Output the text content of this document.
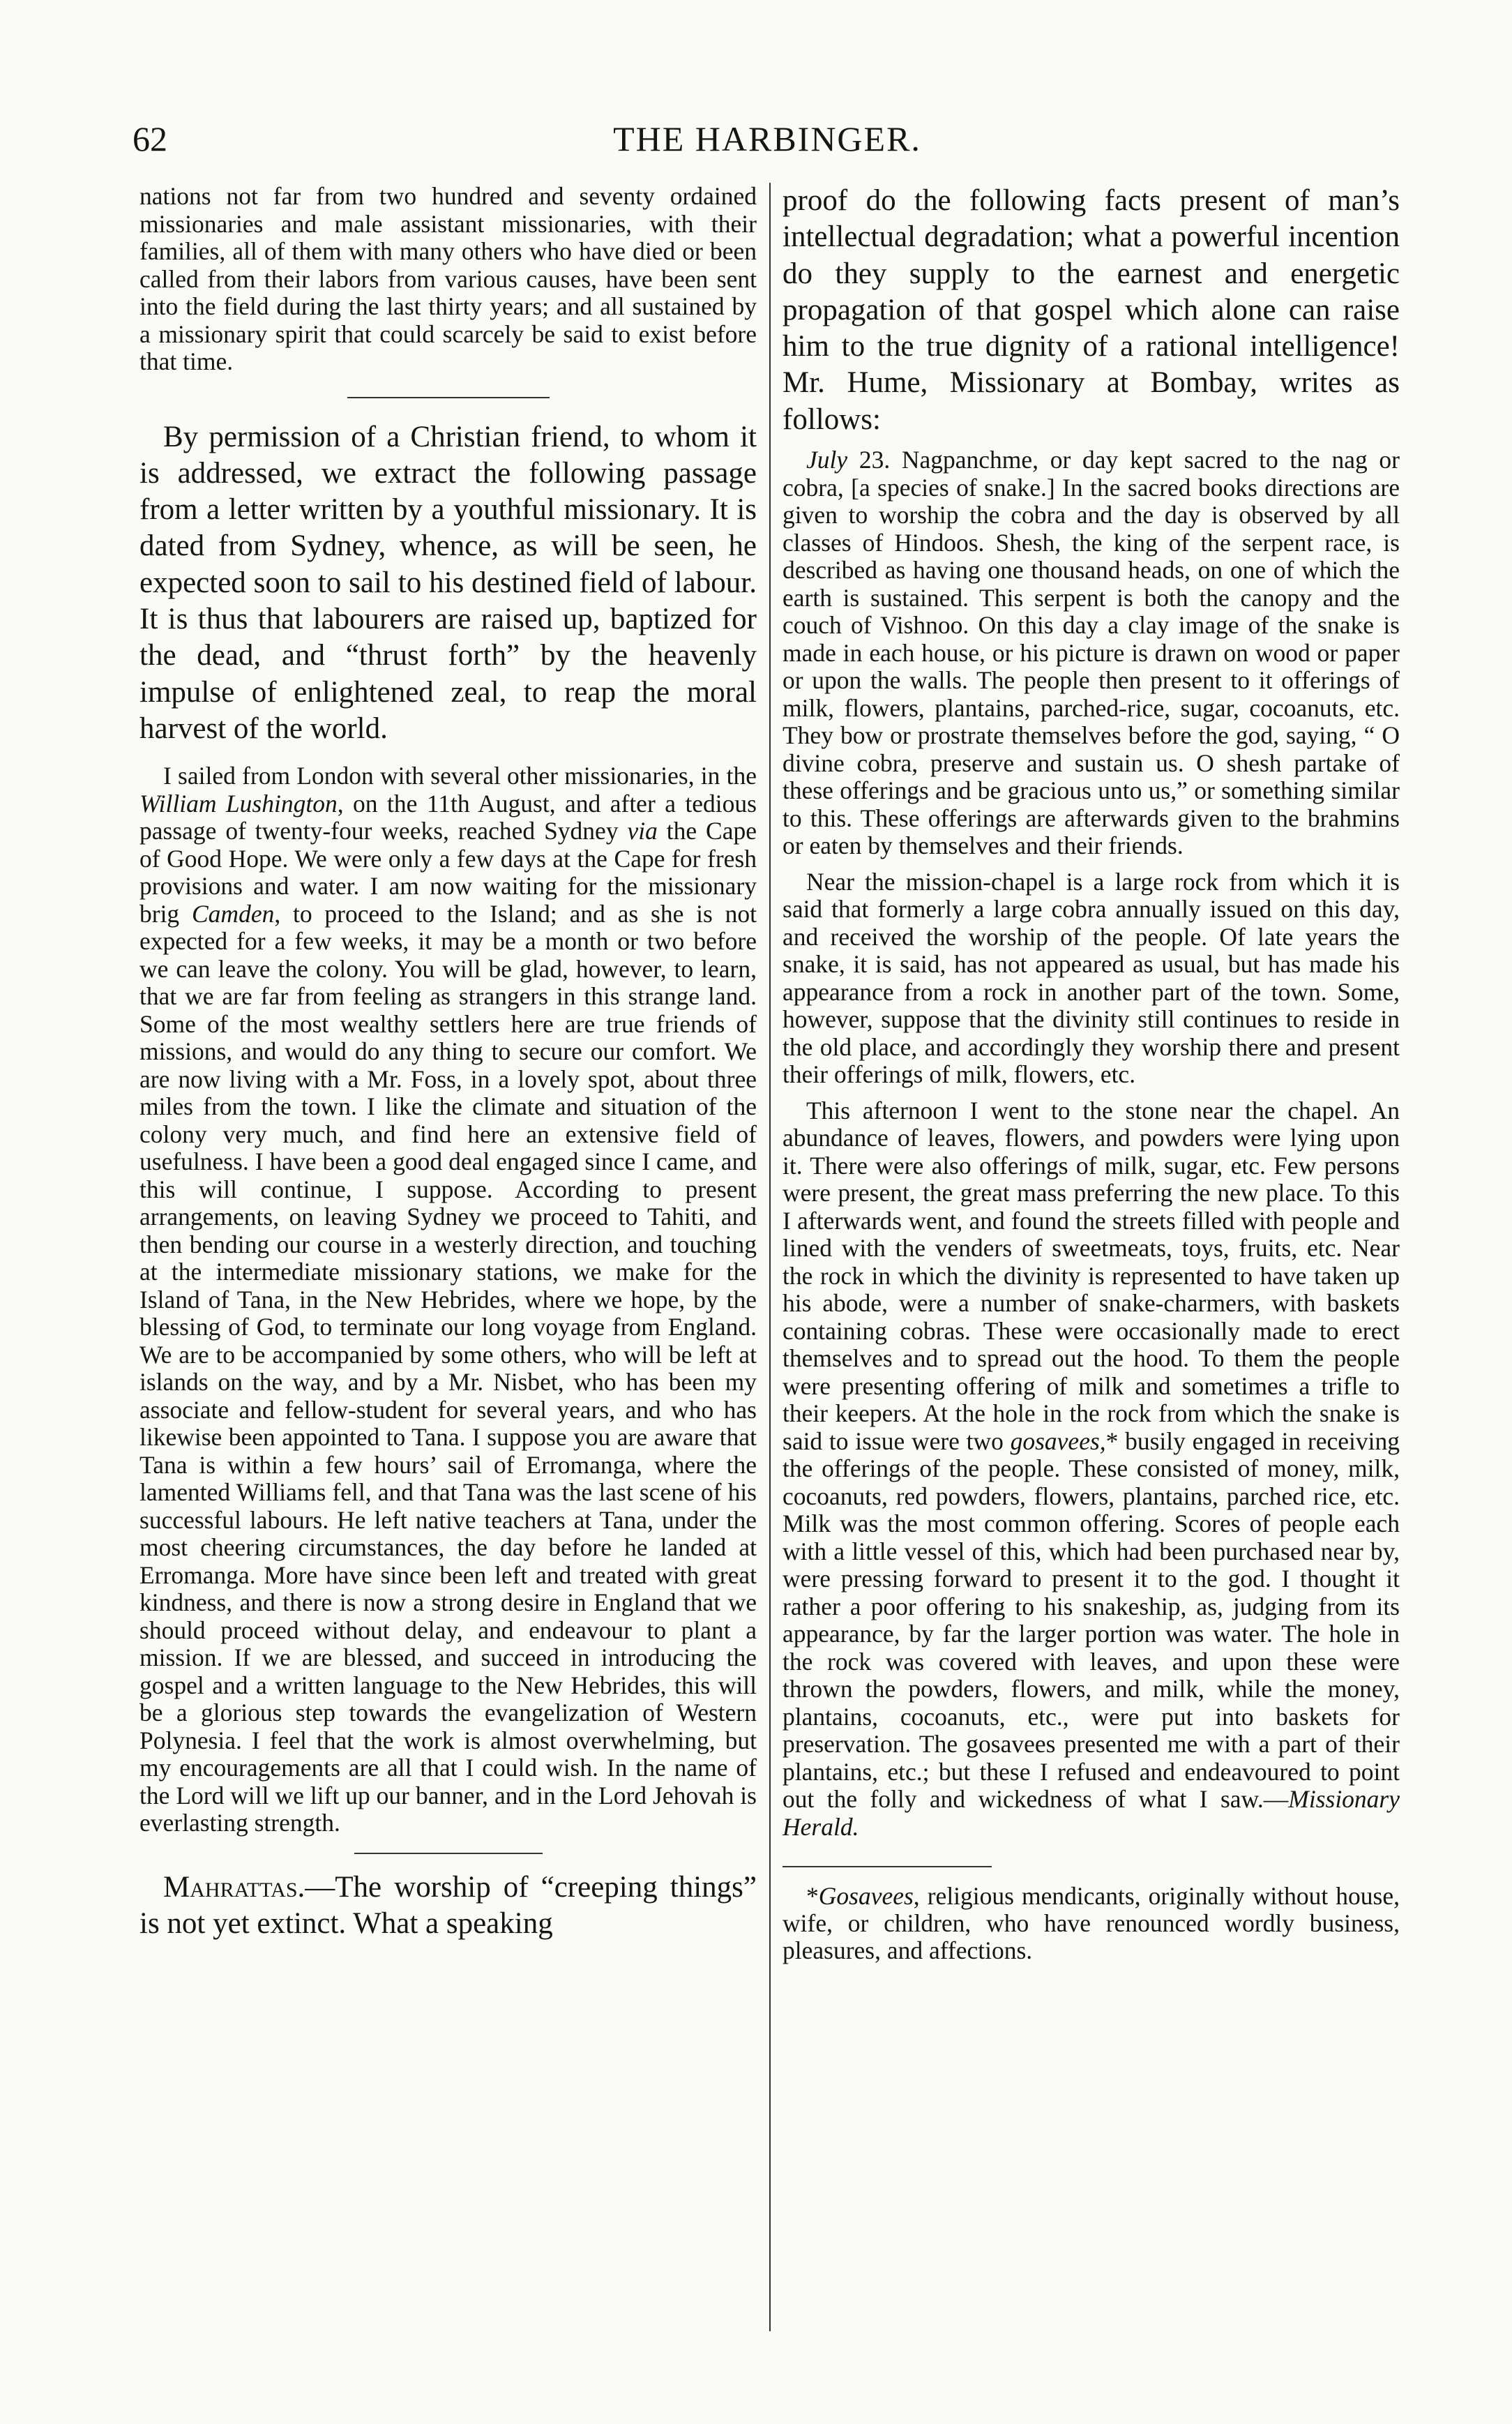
62	THE HARBINGER.

nations not far from two hundred and seventy ordained missionaries and male assistant missionaries, with their families, all of them with many others who have died or been called from their labors from various causes, have been sent into the field during the last thirty years; and all sustained by a missionary spirit that could scarcely be said to exist before that time.

By permission of a Christian friend, to whom it is addressed, we extract the following passage from a letter written by a youthful missionary. It is dated from Sydney, whence, as will be seen, he expected soon to sail to his destined field of labour. It is thus that labourers are raised up, baptized for the dead, and “thrust forth” by the heavenly impulse of enlightened zeal, to reap the moral harvest of the world.

I sailed from London with several other missionaries, in the William Lushington, on the 11th August, and after a tedious passage of twenty-four weeks, reached Sydney via the Cape of Good Hope. We were only a few days at the Cape for fresh provisions and water. I am now waiting for the missionary brig Camden, to proceed to the Island; and as she is not expected for a few weeks, it may be a month or two before we can leave the colony. You will be glad, however, to learn, that we are far from feeling as strangers in this strange land. Some of the most wealthy settlers here are true friends of missions, and would do any thing to secure our comfort. We are now living with a Mr. Foss, in a lovely spot, about three miles from the town. I like the climate and situation of the colony very much, and find here an extensive field of usefulness. I have been a good deal engaged since I came, and this will continue, I suppose. According to present arrangements, on leaving Sydney we proceed to Tahiti, and then bending our course in a westerly direction, and touching at the intermediate missionary stations, we make for the Island of Tana, in the New Hebrides, where we hope, by the blessing of God, to terminate our long voyage from England. We are to be accompanied by some others, who will be left at islands on the way, and by a Mr. Nisbet, who has been my associate and fellow-student for several years, and who has likewise been appointed to Tana. I suppose you are aware that Tana is within a few hours’ sail of Erromanga, where the lamented Williams fell, and that Tana was the last scene of his successful labours. He left native teachers at Tana, under the most cheering circumstances, the day before he landed at Erromanga. More have since been left and treated with great kindness, and there is now a strong desire in England that we should proceed without delay, and endeavour to plant a mission. If we are blessed, and succeed in introducing the gospel and a written language to the New Hebrides, this will be a glorious step towards the evangelization of Western Polynesia. I feel that the work is almost overwhelming, but my encouragements are all that I could wish. In the name of the Lord will we lift up our banner, and in the Lord Jehovah is everlasting strength.

Mahrattas.—The worship of “creeping things” is not yet extinct. What a speaking

proof do the following facts present of man’s intellectual degradation; what a powerful incention do they supply to the earnest and energetic propagation of that gospel which alone can raise him to the true dignity of a rational intelligence! Mr. Hume, Missionary at Bombay, writes as follows:

July 23. Nagpanchme, or day kept sacred to the nag or cobra, [a species of snake.] In the sacred books directions are given to worship the cobra and the day is observed by all classes of Hindoos. Shesh, the king of the serpent race, is described as having one thousand heads, on one of which the earth is sustained. This serpent is both the canopy and the couch of Vishnoo. On this day a clay image of the snake is made in each house, or his picture is drawn on wood or paper or upon the walls. The people then present to it offerings of milk, flowers, plantains, parched-rice, sugar, cocoanuts, etc. They bow or prostrate themselves before the god, saying, “ O divine cobra, preserve and sustain us. O shesh partake of these offerings and be gracious unto us,” or something similar to this. These offerings are afterwards given to the brahmins or eaten by themselves and their friends.

Near the mission-chapel is a large rock from which it is said that formerly a large cobra annually issued on this day, and received the worship of the people. Of late years the snake, it is said, has not appeared as usual, but has made his appearance from a rock in another part of the town. Some, however, suppose that the divinity still continues to reside in the old place, and accordingly they worship there and present their offerings of milk, flowers, etc.

This afternoon I went to the stone near the chapel. An abundance of leaves, flowers, and powders were lying upon it. There were also offerings of milk, sugar, etc. Few persons were present, the great mass preferring the new place. To this I afterwards went, and found the streets filled with people and lined with the venders of sweetmeats, toys, fruits, etc. Near the rock in which the divinity is represented to have taken up his abode, were a number of snake-charmers, with baskets containing cobras. These were occasionally made to erect themselves and to spread out the hood. To them the people were presenting offering of milk and sometimes a trifle to their keepers. At the hole in the rock from which the snake is said to issue were two gosavees,* busily engaged in receiving the offerings of the people. These consisted of money, milk, cocoanuts, red powders, flowers, plantains, parched rice, etc. Milk was the most common offering. Scores of people each with a little vessel of this, which had been purchased near by, were pressing forward to present it to the god. I thought it rather a poor offering to his snakeship, as, judging from its appearance, by far the larger portion was water. The hole in the rock was covered with leaves, and upon these were thrown the powders, flowers, and milk, while the money, plantains, cocoanuts, etc., were put into baskets for preservation. The gosavees presented me with a part of their plantains, etc.; but these I refused and endeavoured to point out the folly and wickedness of what I saw.—Missionary Herald.

*Gosavees, religious mendicants, originally without house, wife, or children, who have renounced wordly business, pleasures, and affections.
